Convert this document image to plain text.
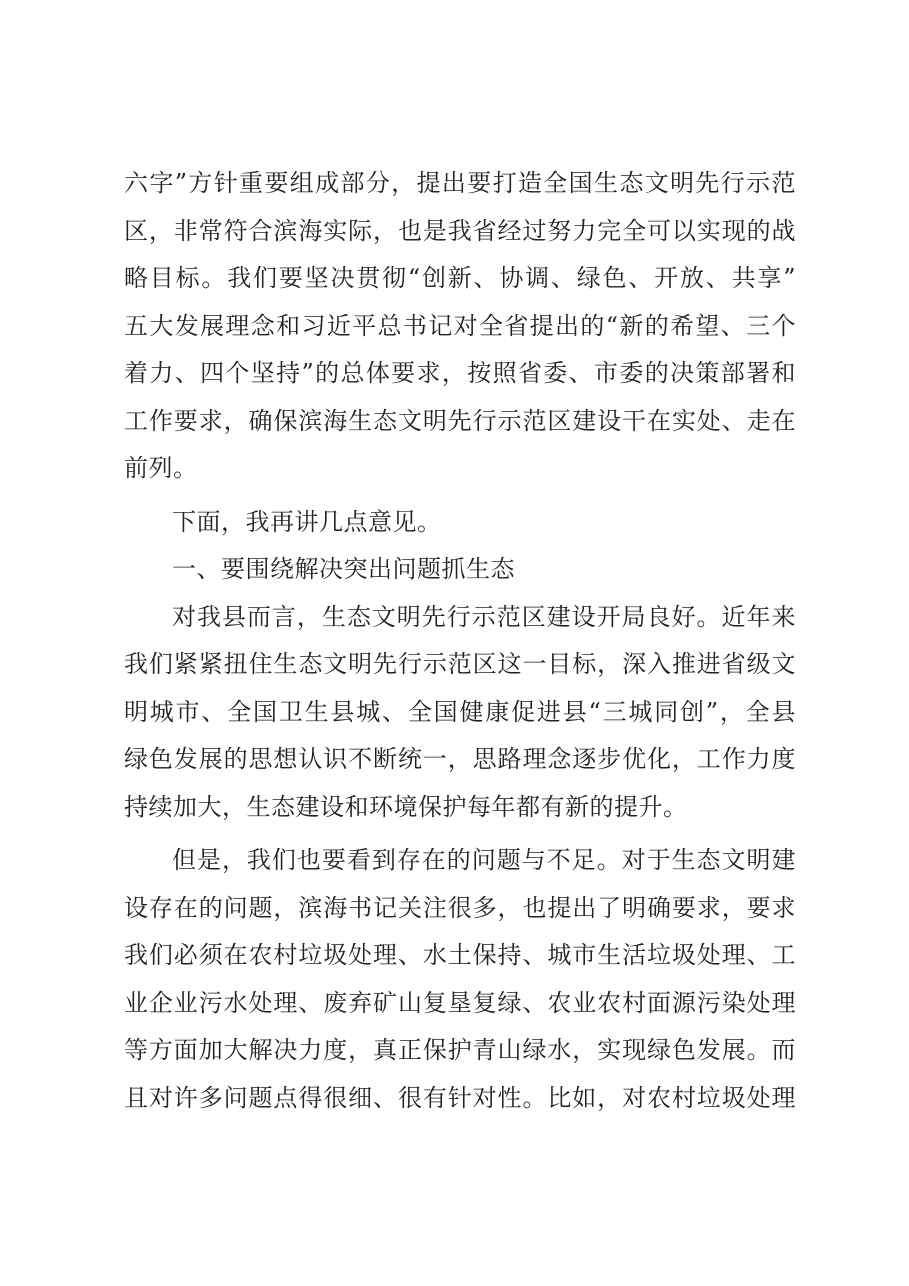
六字”方针重要组成部分，提出要打造全国生态文明先行示范
区，非常符合滨海实际，也是我省经过努力完全可以实现的战
略目标。我们要坚决贯彻“创新、协调、绿色、开放、共享”
五大发展理念和习近平总书记对全省提出的“新的希望、三个
着力、四个坚持”的总体要求，按照省委、市委的决策部署和
工作要求，确保滨海生态文明先行示范区建设干在实处、走在
前列。
下面，我再讲几点意见。
一、要围绕解决突出问题抓生态
对我县而言，生态文明先行示范区建设开局良好。近年来
我们紧紧扭住生态文明先行示范区这一目标，深入推进省级文
明城市、全国卫生县城、全国健康促进县“三城同创”，全县
绿色发展的思想认识不断统一，思路理念逐步优化，工作力度
持续加大，生态建设和环境保护每年都有新的提升。
但是，我们也要看到存在的问题与不足。对于生态文明建
设存在的问题，滨海书记关注很多，也提出了明确要求，要求
我们必须在农村垃圾处理、水土保持、城市生活垃圾处理、工
业企业污水处理、废弃矿山复垦复绿、农业农村面源污染处理
等方面加大解决力度，真正保护青山绿水，实现绿色发展。而
且对许多问题点得很细、很有针对性。比如，对农村垃圾处理
